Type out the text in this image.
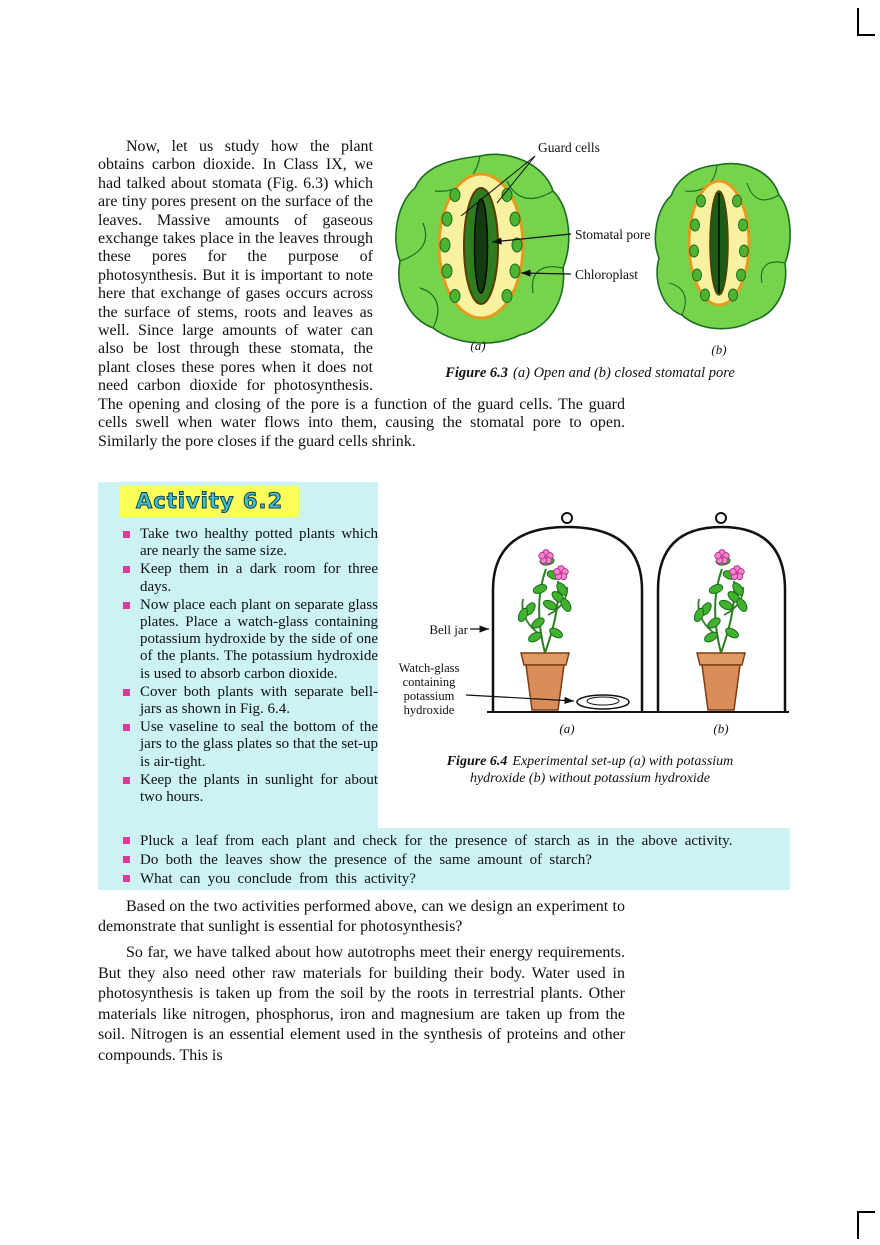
Guard cells
Stomatal pore
Chloroplast
(a)	(b)
Figure 6.3 (a) Open and (b) closed stomatal pore

Now, let us study how the plant obtains carbon dioxide. In Class IX, we had talked about stomata (Fig. 6.3) which are tiny pores present on the surface of the leaves. Massive amounts of gaseous exchange takes place in the leaves through these pores for the purpose of photosynthesis. But it is important to note here that exchange of gases occurs across the surface of stems, roots and leaves as well. Since large amounts of water can also be lost through these stomata, the plant closes these pores when it does not need carbon dioxide for photosynthesis. The opening and closing of the pore is a function of the guard cells. The guard cells swell when water flows into them, causing the stomatal pore to open. Similarly the pore closes if the guard cells shrink.

Activity 6.2
Take two healthy potted plants which are nearly the same size.
Keep them in a dark room for three days.
Now place each plant on separate glass plates. Place a watch-glass containing potassium hydroxide by the side of one of the plants. The potassium hydroxide is used to absorb carbon dioxide.
Cover both plants with separate bell-jars as shown in Fig. 6.4.
Use vaseline to seal the bottom of the jars to the glass plates so that the set-up is air-tight.
Keep the plants in sunlight for about two hours.
Pluck a leaf from each plant and check for the presence of starch as in the above activity.
Do both the leaves show the presence of the same amount of starch?
What can you conclude from this activity?
(a)	(b)
Bell jar
Watch-glass containing potassium hydroxide
Figure 6.4 Experimental set-up (a) with potassium hydroxide (b) without potassium hydroxide

Based on the two activities performed above, can we design an experiment to demonstrate that sunlight is essential for photosynthesis?

So far, we have talked about how autotrophs meet their energy requirements. But they also need other raw materials for building their body. Water used in photosynthesis is taken up from the soil by the roots in terrestrial plants. Other materials like nitrogen, phosphorus, iron and magnesium are taken up from the soil. Nitrogen is an essential element used in the synthesis of proteins and other compounds. This is
